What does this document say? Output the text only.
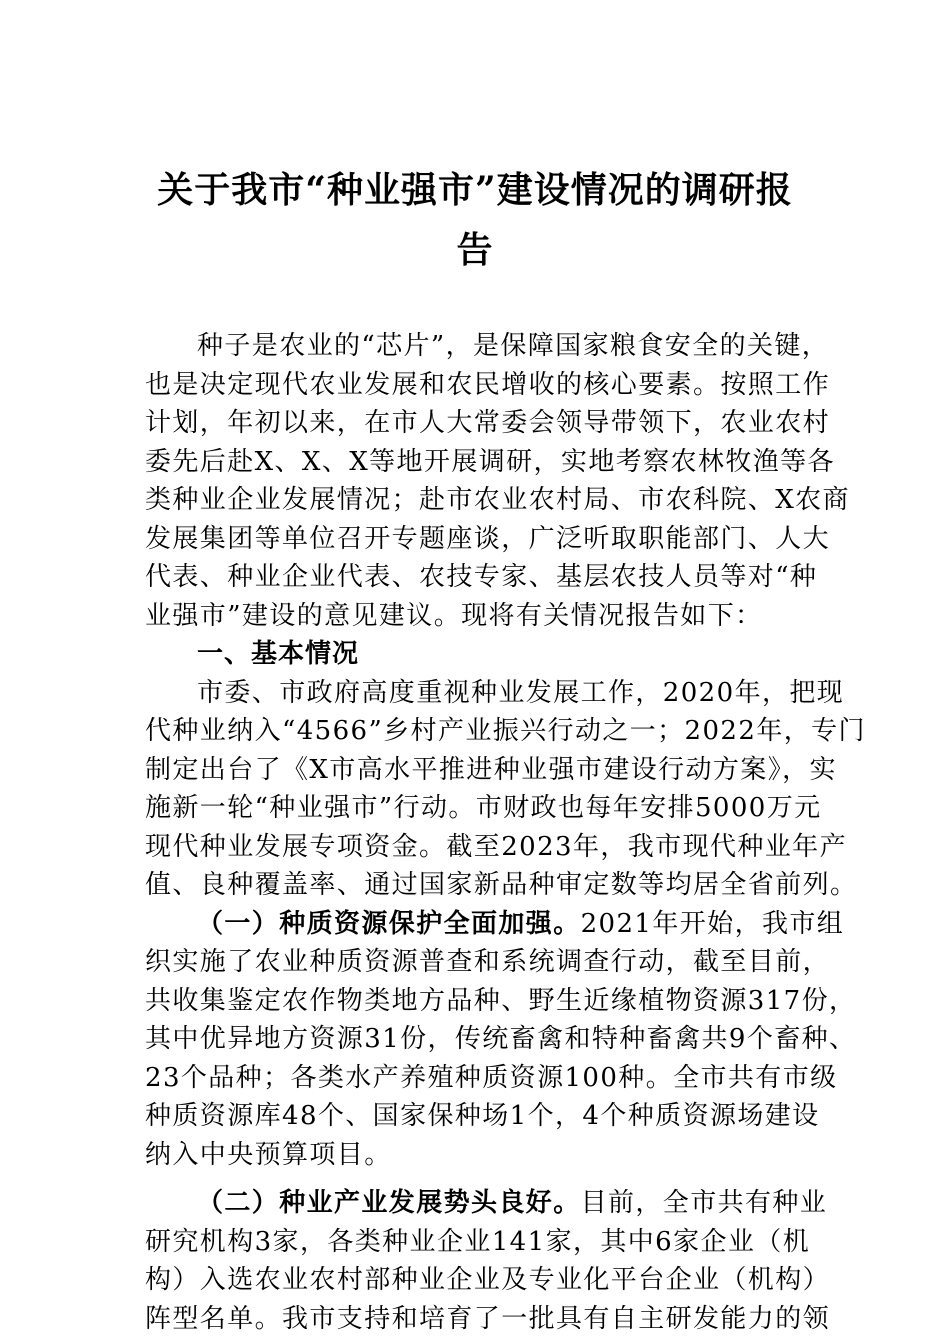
关于我市“种业强市”建设情况的调研报
告
种子是农业的“芯片”，是保障国家粮食安全的关键，
也是决定现代农业发展和农民增收的核心要素。按照工作
计划，年初以来，在市人大常委会领导带领下，农业农村
委先后赴X、X、X等地开展调研，实地考察农林牧渔等各
类种业企业发展情况；赴市农业农村局、市农科院、X农商
发展集团等单位召开专题座谈，广泛听取职能部门、人大
代表、种业企业代表、农技专家、基层农技人员等对“种
业强市”建设的意见建议。现将有关情况报告如下：
一、基本情况
市委、市政府高度重视种业发展工作，2020年，把现
代种业纳入“4566”乡村产业振兴行动之一；2022年，专门
制定出台了《X市高水平推进种业强市建设行动方案》，实
施新一轮“种业强市”行动。市财政也每年安排5000万元
现代种业发展专项资金。截至2023年，我市现代种业年产
值、良种覆盖率、通过国家新品种审定数等均居全省前列。
（一）种质资源保护全面加强。2021年开始，我市组
织实施了农业种质资源普查和系统调查行动，截至目前，
共收集鉴定农作物类地方品种、野生近缘植物资源317份，
其中优异地方资源31份，传统畜禽和特种畜禽共9个畜种、
23个品种；各类水产养殖种质资源100种。全市共有市级
种质资源库48个、国家保种场1个，4个种质资源场建设
纳入中央预算项目。
（二）种业产业发展势头良好。目前，全市共有种业
研究机构3家，各类种业企业141家，其中6家企业（机
构）入选农业农村部种业企业及专业化平台企业（机构）
阵型名单。我市支持和培育了一批具有自主研发能力的领
